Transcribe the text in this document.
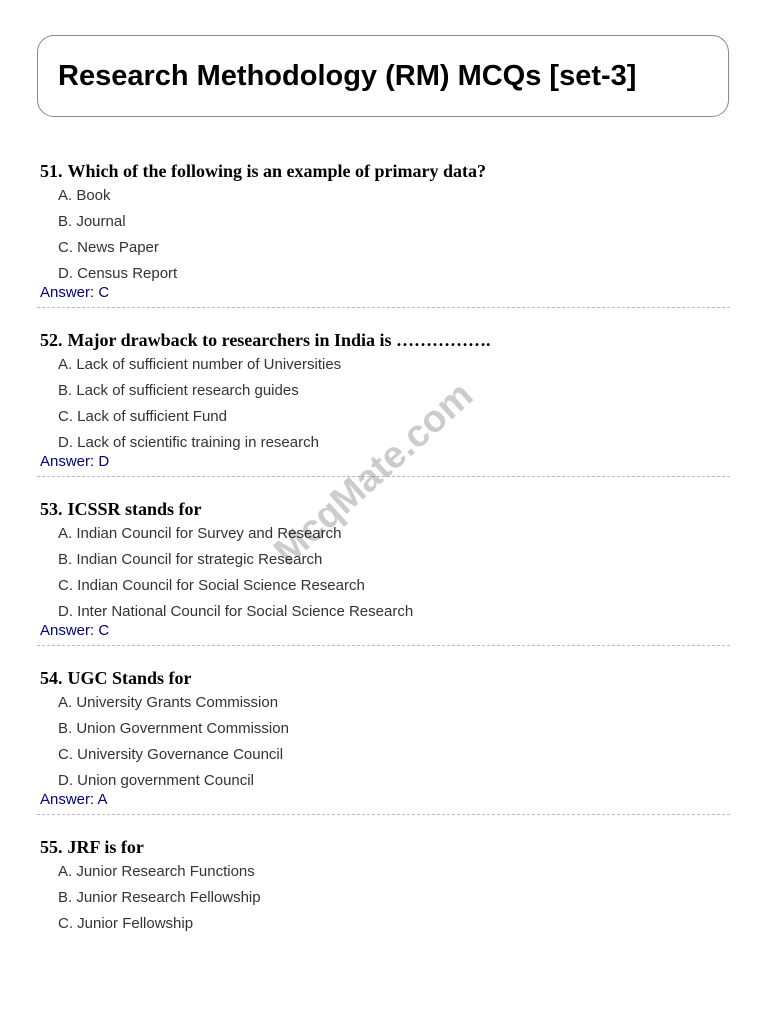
Research Methodology (RM) MCQs [set-3]

51. Which of the following is an example of primary data?

A. Book
B. Journal
C. News Paper
D. Census Report
Answer: C

52. Major drawback to researchers in India is …………….

A. Lack of sufficient number of Universities
B. Lack of sufficient research guides
C. Lack of sufficient Fund
D. Lack of scientific training in research
Answer: D

53. ICSSR stands for

A. Indian Council for Survey and Research
B. Indian Council for strategic Research
C. Indian Council for Social Science Research
D. Inter National Council for Social Science Research
Answer: C

54. UGC Stands for

A. University Grants Commission
B. Union Government Commission
C. University Governance Council
D. Union government Council
Answer: A

55. JRF is for

A. Junior Research Functions
B. Junior Research Fellowship
C. Junior Fellowship
McqMate.com
